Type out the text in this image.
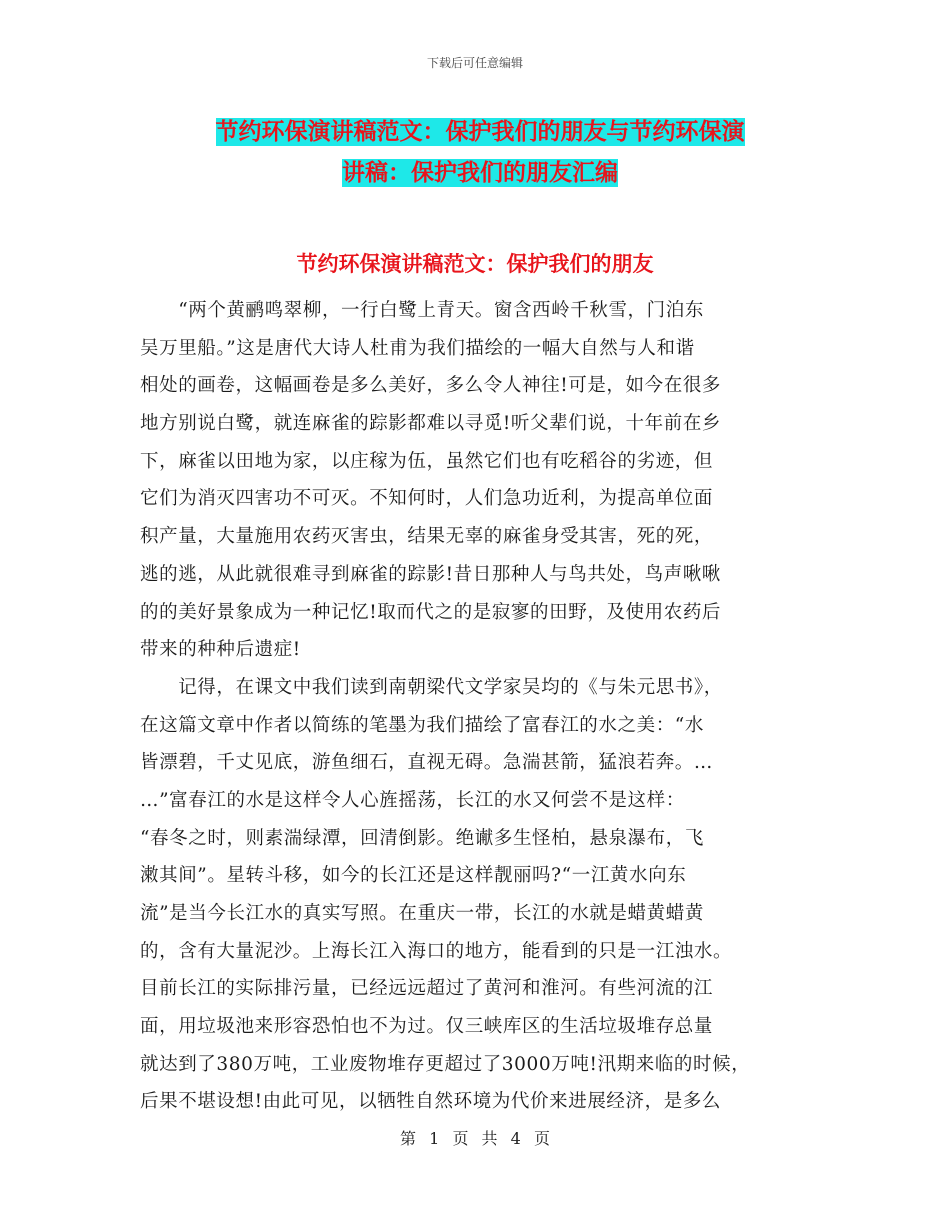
下载后可任意编辑
节约环保演讲稿范文：保护我们的朋友与节约环保演
讲稿：保护我们的朋友汇编
节约环保演讲稿范文：保护我们的朋友
　　“两个黄鹂鸣翠柳，一行白鹭上青天。窗含西岭千秋雪，门泊东
吴万里船。”这是唐代大诗人杜甫为我们描绘的一幅大自然与人和谐
相处的画卷，这幅画卷是多么美好，多么令人神往!可是，如今在很多
地方别说白鹭，就连麻雀的踪影都难以寻觅!听父辈们说，十年前在乡
下，麻雀以田地为家，以庄稼为伍，虽然它们也有吃稻谷的劣迹，但
它们为消灭四害功不可灭。不知何时，人们急功近利，为提高单位面
积产量，大量施用农药灭害虫，结果无辜的麻雀身受其害，死的死，
逃的逃，从此就很难寻到麻雀的踪影!昔日那种人与鸟共处，鸟声啾啾
的的美好景象成为一种记忆!取而代之的是寂寥的田野，及使用农药后
带来的种种后遗症!
　　记得，在课文中我们读到南朝梁代文学家吴均的《与朱元思书》，
在这篇文章中作者以简练的笔墨为我们描绘了富春江的水之美：“水
皆漂碧，千丈见底，游鱼细石，直视无碍。急湍甚箭，猛浪若奔。…
…”富春江的水是这样令人心旌摇荡，长江的水又何尝不是这样：
“春冬之时，则素湍绿潭，回清倒影。绝谳多生怪柏，悬泉瀑布，飞
潄其间”。星转斗移，如今的长江还是这样靓丽吗?“一江黄水向东
流”是当今长江水的真实写照。在重庆一带，长江的水就是蜡黄蜡黄
的，含有大量泥沙。上海长江入海口的地方，能看到的只是一江浊水。
目前长江的实际排污量，已经远远超过了黄河和淮河。有些河流的江
面，用垃圾池来形容恐怕也不为过。仅三峡库区的生活垃圾堆存总量
就达到了380万吨，工业废物堆存更超过了3000万吨!汛期来临的时候，
后果不堪设想!由此可见，以牺牲自然环境为代价来进展经济，是多么
第 1 页 共 4 页
